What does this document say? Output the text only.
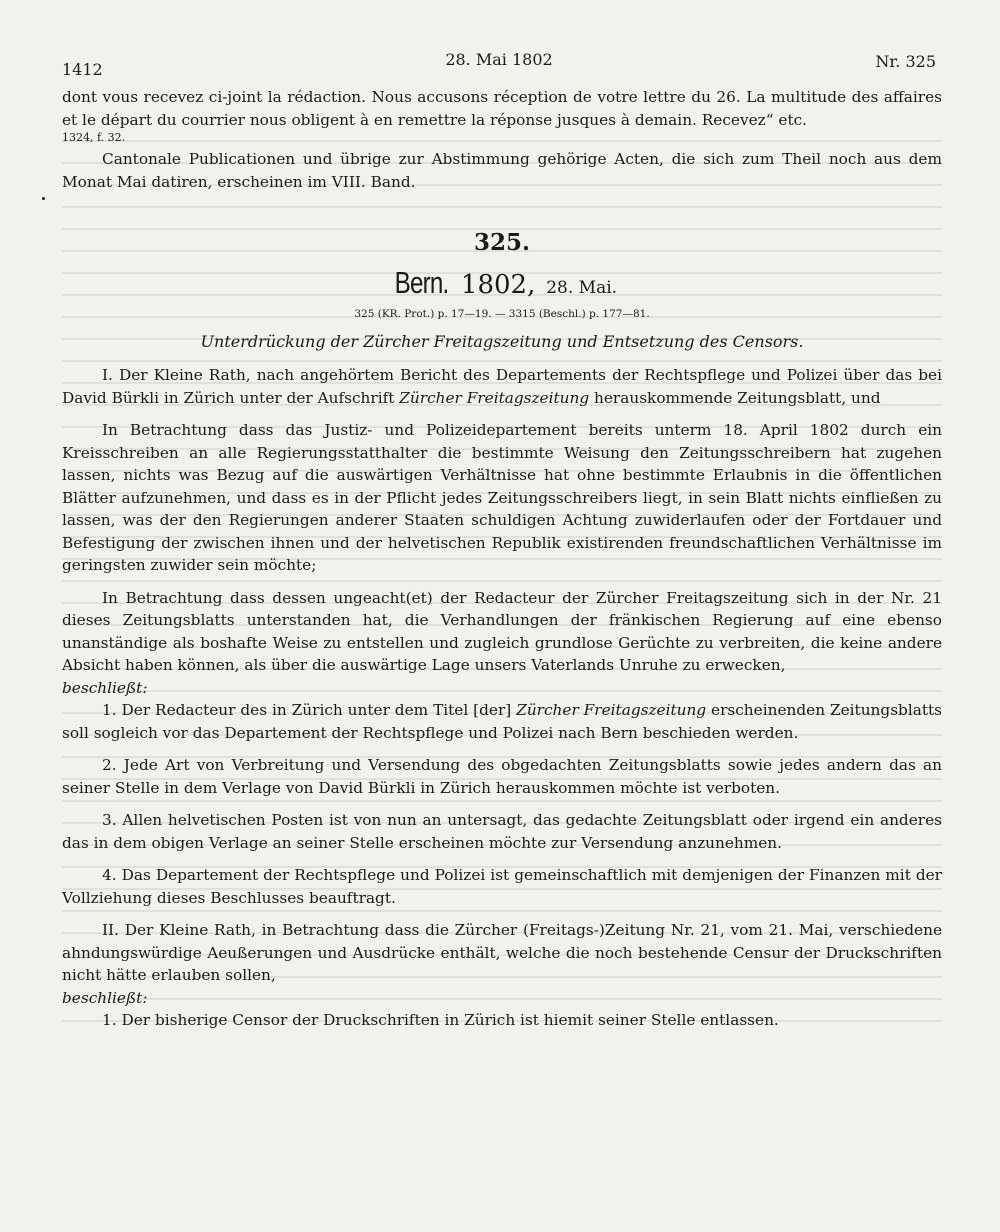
1412
28. Mai 1802	Nr. 325

dont vous recevez ci-joint la rédaction. Nous accusons réception de votre lettre du 26. La multitude des affaires et le départ du courrier nous obligent à en remettre la réponse jusques à demain. Recevez“ etc.

1324, f. 32.

Cantonale Publicationen und übrige zur Abstimmung gehörige Acten, die sich zum Theil noch aus dem Monat Mai datiren, erscheinen im VIII. Band.

325.
Bern. 1802, 28. Mai.
325 (KR. Prot.) p. 17—19. — 3315 (Beschl.) p. 177—81.
Unterdrückung der Zürcher Freitagszeitung und Entsetzung des Censors.

I. Der Kleine Rath, nach angehörtem Bericht des Departements der Rechtspflege und Polizei über das bei David Bürkli in Zürich unter der Aufschrift Zürcher Freitagszeitung herauskommende Zeitungsblatt, und

In Betrachtung dass das Justiz- und Polizeidepartement bereits unterm 18. April 1802 durch ein Kreisschreiben an alle Regierungsstatthalter die bestimmte Weisung den Zeitungsschreibern hat zugehen lassen, nichts was Bezug auf die auswärtigen Verhältnisse hat ohne bestimmte Erlaubnis in die öffentlichen Blätter aufzunehmen, und dass es in der Pflicht jedes Zeitungsschreibers liegt, in sein Blatt nichts einfließen zu lassen, was der den Regierungen anderer Staaten schuldigen Achtung zuwiderlaufen oder der Fortdauer und Befestigung der zwischen ihnen und der helvetischen Republik existirenden freundschaftlichen Verhältnisse im geringsten zuwider sein möchte;

In Betrachtung dass dessen ungeacht(et) der Redacteur der Zürcher Freitagszeitung sich in der Nr. 21 dieses Zeitungsblatts unterstanden hat, die Verhandlungen der fränkischen Regierung auf eine ebenso unanständige als boshafte Weise zu entstellen und zugleich grundlose Gerüchte zu verbreiten, die keine andere Absicht haben können, als über die auswärtige Lage unsers Vaterlands Unruhe zu erwecken,

beschließt:

1. Der Redacteur des in Zürich unter dem Titel [der] Zürcher Freitagszeitung erscheinenden Zeitungsblatts soll sogleich vor das Departement der Rechtspflege und Polizei nach Bern beschieden werden.

2. Jede Art von Verbreitung und Versendung des obgedachten Zeitungsblatts sowie jedes andern das an seiner Stelle in dem Verlage von David Bürkli in Zürich herauskommen möchte ist verboten.

3. Allen helvetischen Posten ist von nun an untersagt, das gedachte Zeitungsblatt oder irgend ein anderes das in dem obigen Verlage an seiner Stelle erscheinen möchte zur Versendung anzunehmen.

4. Das Departement der Rechtspflege und Polizei ist gemeinschaftlich mit demjenigen der Finanzen mit der Vollziehung dieses Beschlusses beauftragt.

II. Der Kleine Rath, in Betrachtung dass die Zürcher (Freitags-)Zeitung Nr. 21, vom 21. Mai, verschiedene ahndungswürdige Aeußerungen und Ausdrücke enthält, welche die noch bestehende Censur der Druckschriften nicht hätte erlauben sollen,

beschließt:

1. Der bisherige Censor der Druckschriften in Zürich ist hiemit seiner Stelle entlassen.
